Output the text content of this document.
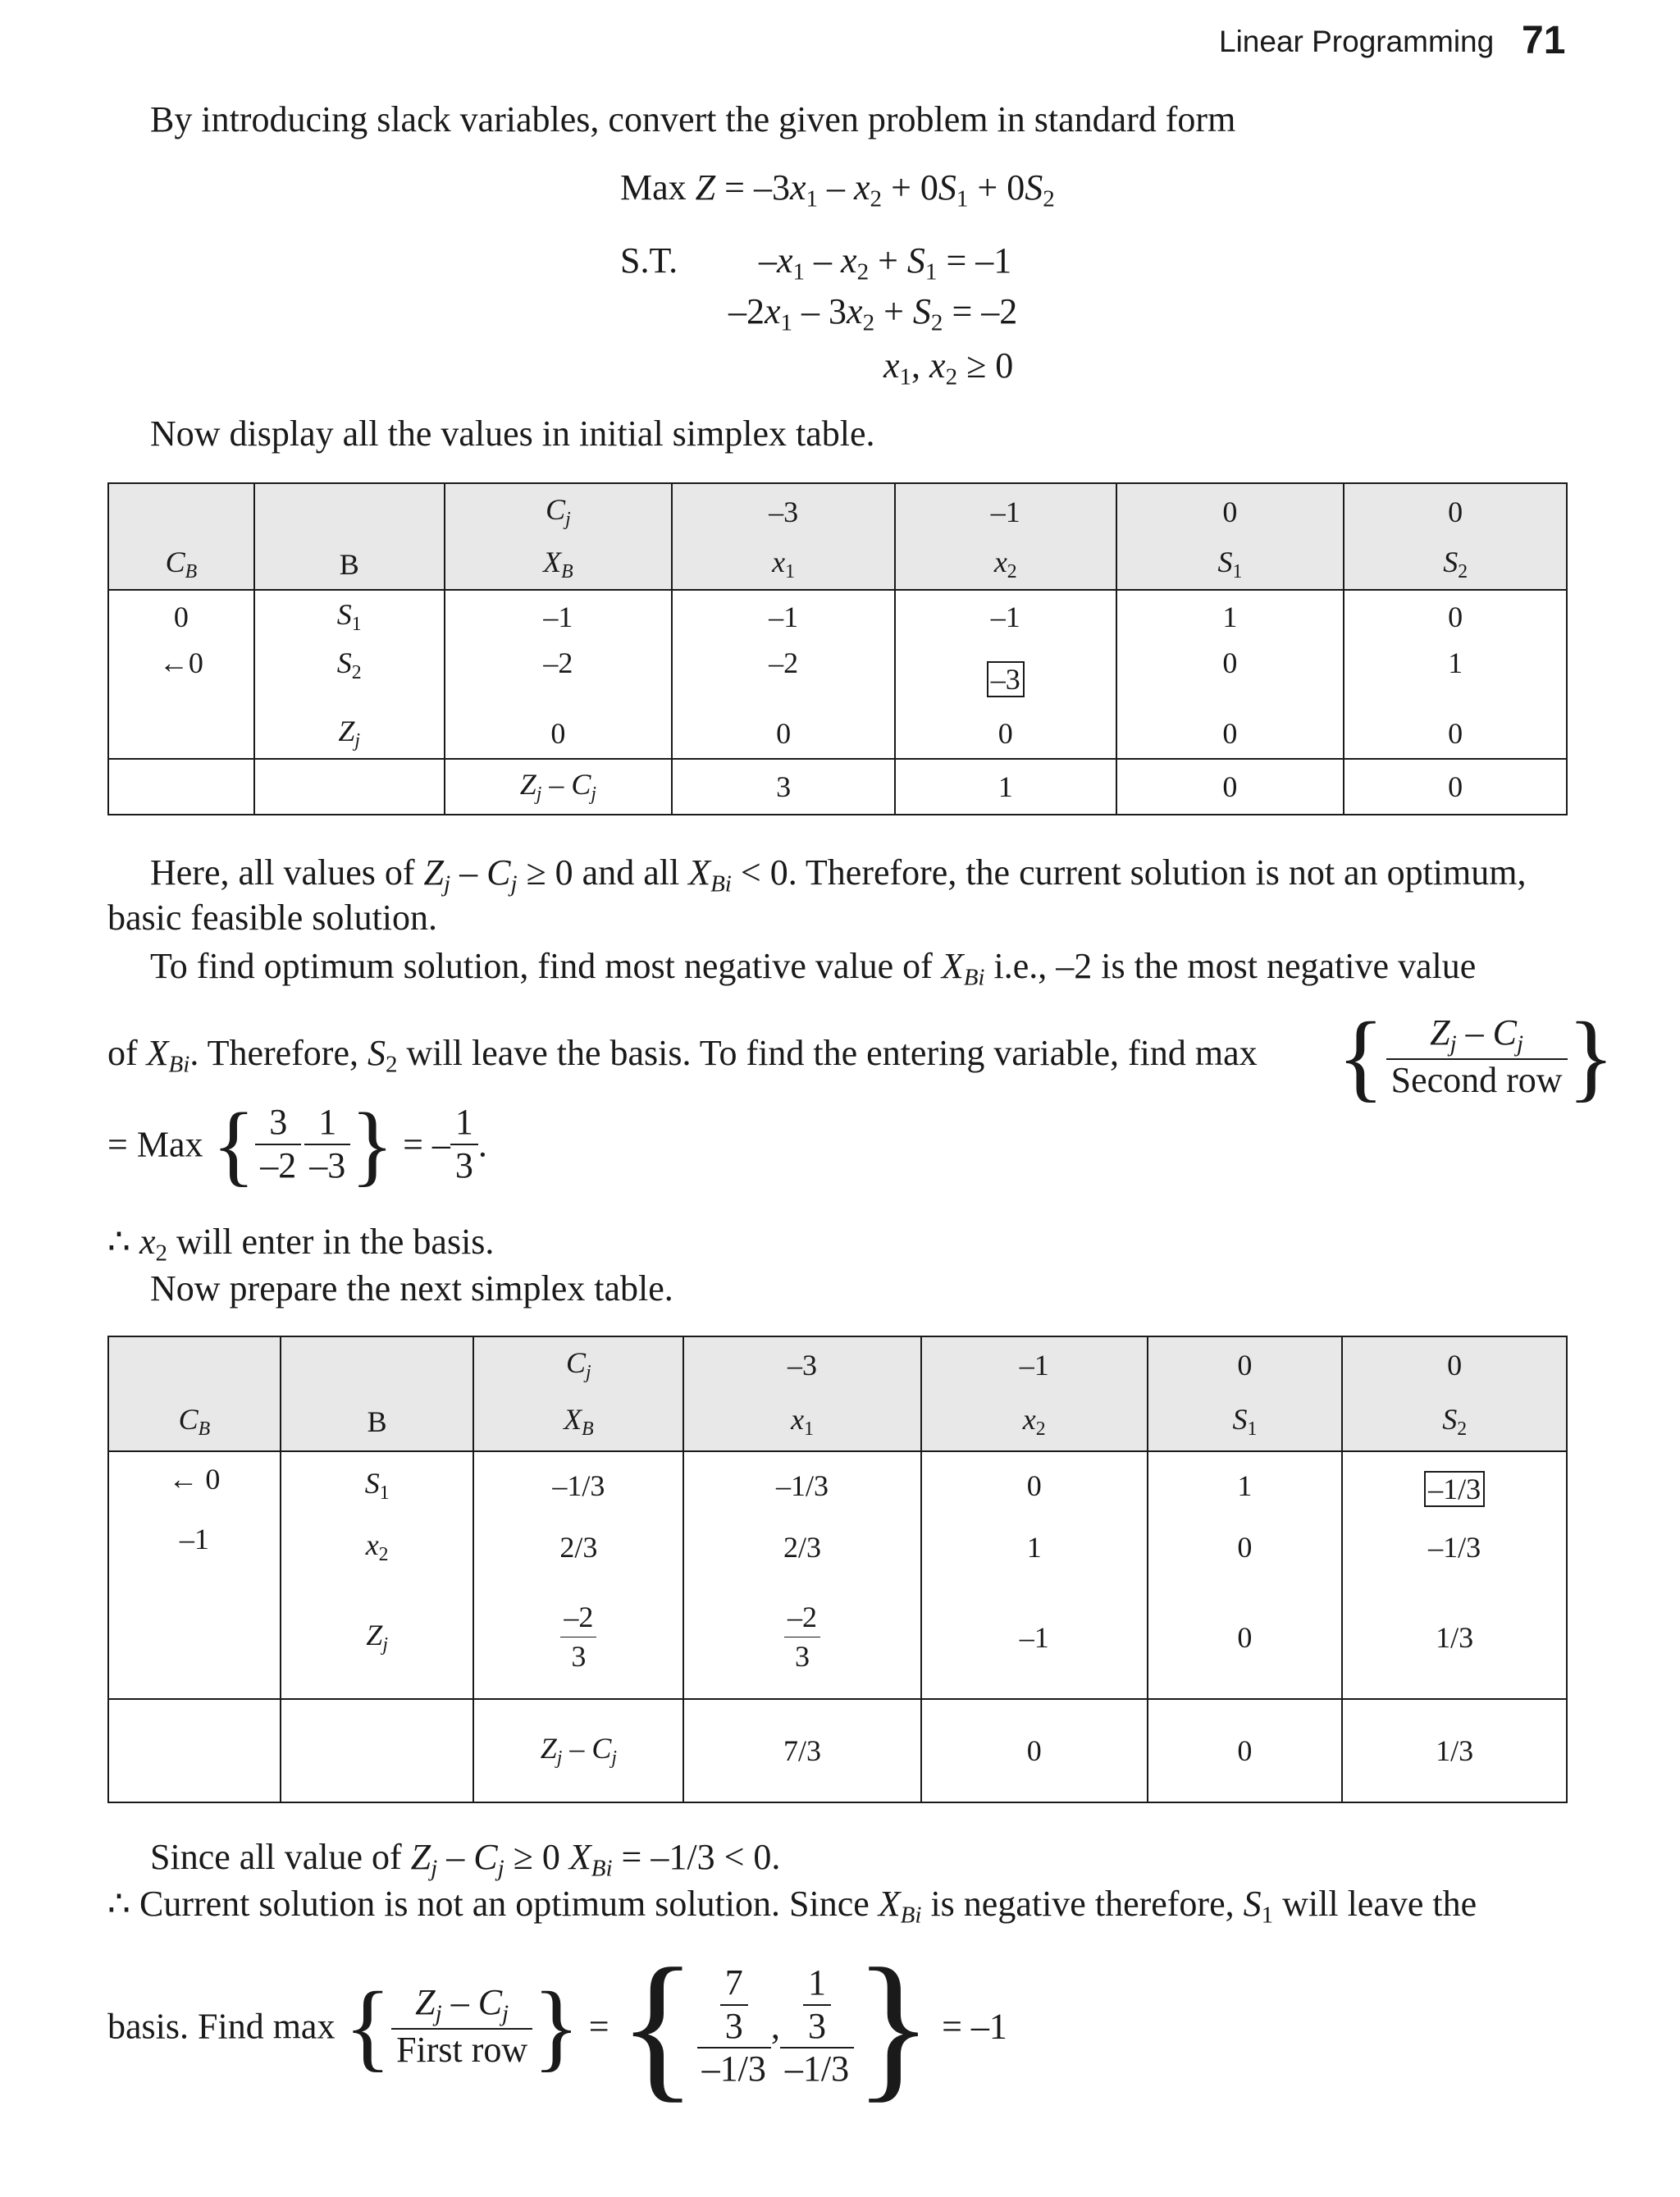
Linear Programming 71
By introducing slack variables, convert the given problem in standard form
Max $Z = -3x_1 - x_2 + 0S_1 + 0S_2$
S.T. $-x_1 - x_2 + S_1 = -1$
$-2x_1 - 3x_2 + S_2 = -2$
$x_1$, $x_2 \ge 0$
Now display all the values in initial simplex table.
		Cj	–3	–1	0	0
CB	B	XB	$x_1$	$x_2$	$S_1$	$S_2$
0	$S_1$	–1	–1	–1	1	0
←0	$S_2$	–2	–2	–3	0	1
	Zj	0	0	0	0	0
		Zj – Cj	3	1	0	0
Here, all values of Zj – Cj ≥ 0 and all XBi < 0. Therefore, the current solution is not an optimum,
basic feasible solution.
To find optimum solution, find most negative value of XBi i.e., –2 is the most negative value
of XBi. Therefore, $S_2$ will leave the basis. To find the entering variable, find max { $\frac{Zj - Cj}{\text{Second row}}$ }
= Max { $\frac{3}{-2} \frac{1}{-3}$ } = – $\frac{1}{3}$ .
∴ $x_2$ will enter in the basis.
Now prepare the next simplex table.
		Cj	–3	–1	0	0
CB	B	XB	$x_1$	$x_2$	$S_1$	$S_2$
← 0	$S_1$	–1/3	–1/3	0	1	–1/3
–1	$x_2$	2/3	2/3	1	0	–1/3
	Zj	$\frac{-2}{3}$	$\frac{-2}{3}$	–1	0	1/3
		Zj – Cj	7/3	0	0	1/3
Since all value of Zj – Cj ≥ 0 XBi = –1/3 < 0.
∴ Current solution is not an optimum solution. Since XBi is negative therefore, $S_1$ will leave the
basis. Find max { $\frac{Zj - Cj}{\text{First row}}$ } = { $\frac{\frac{7}{3}}{-1/3}$ , $\frac{\frac{1}{3}}{-1/3}$ } = –1
